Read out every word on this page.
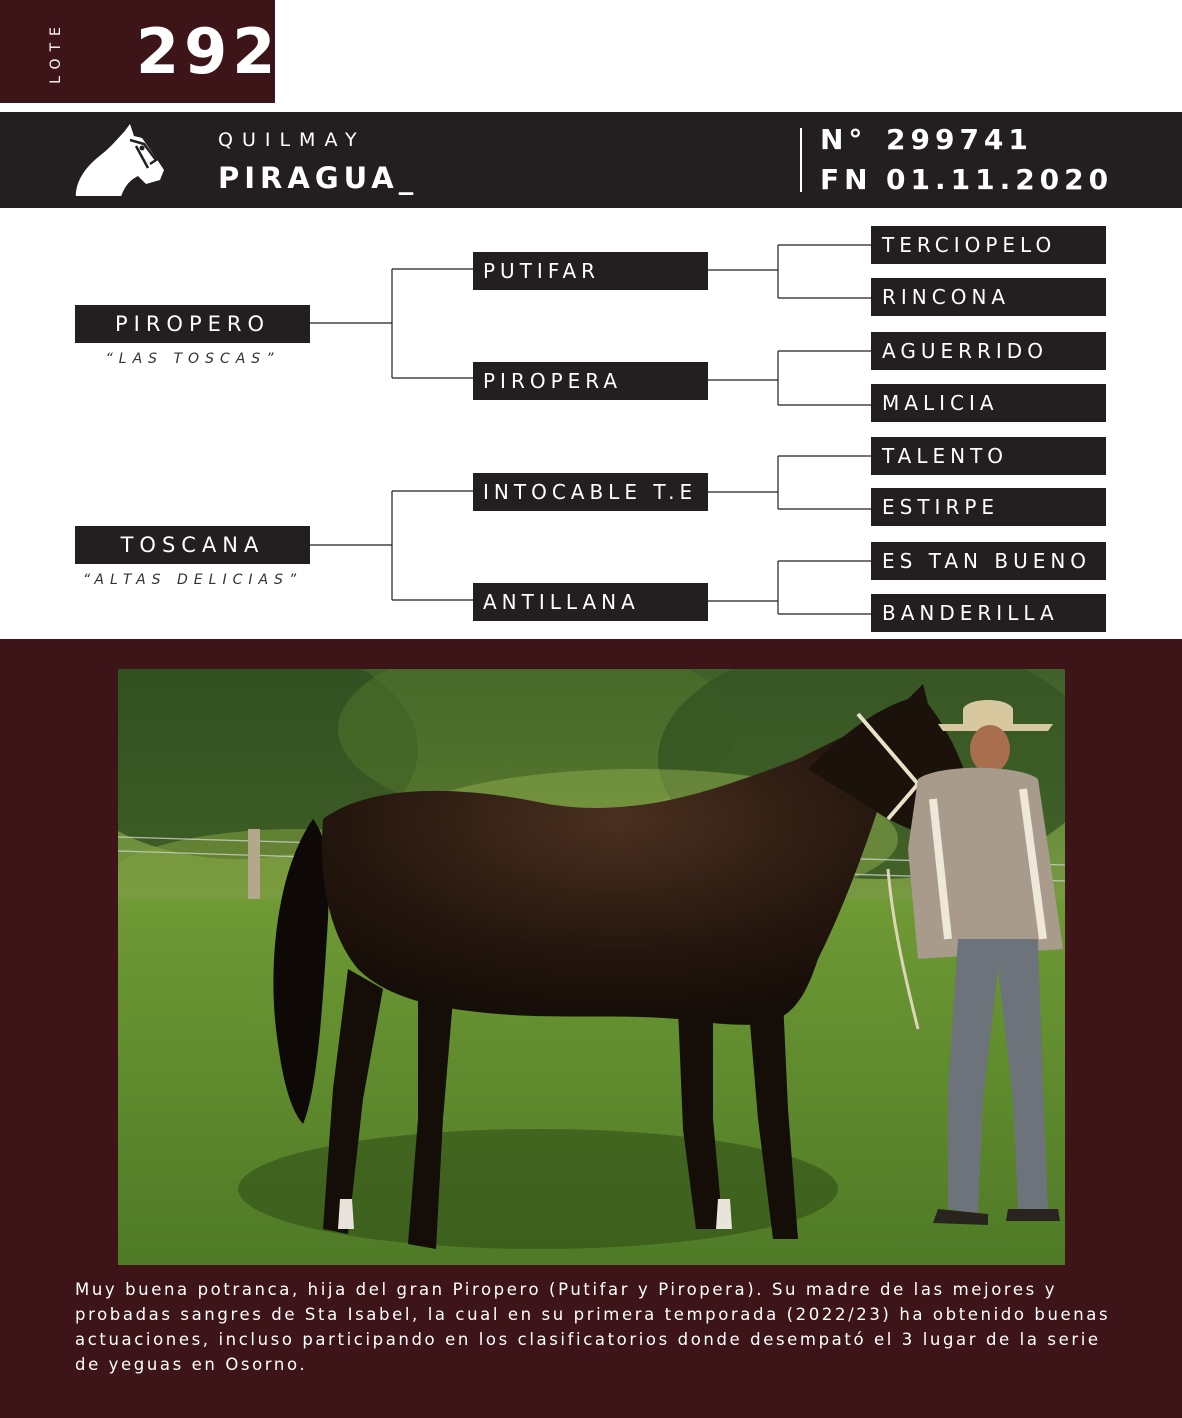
LOTE 292
QUILMAY
PIRAGUA_
N° 299741
FN 01.11.2020
PIROPERO
“LAS TOSCAS”
TOSCANA
“ALTAS DELICIAS”
PUTIFAR
PIROPERA
INTOCABLE T.E
ANTILLANA
TERCIOPELO
RINCONA
AGUERRIDO
MALICIA
TALENTO
ESTIRPE
ES TAN BUENO
BANDERILLA
Muy buena potranca, hija del gran Piropero (Putifar y Piropera). Su madre de las mejores y probadas sangres de Sta Isabel, la cual en su primera temporada (2022/23) ha obtenido buenas actuaciones, incluso participando en los clasificatorios donde desempató el 3 lugar de la serie de yeguas en Osorno.
